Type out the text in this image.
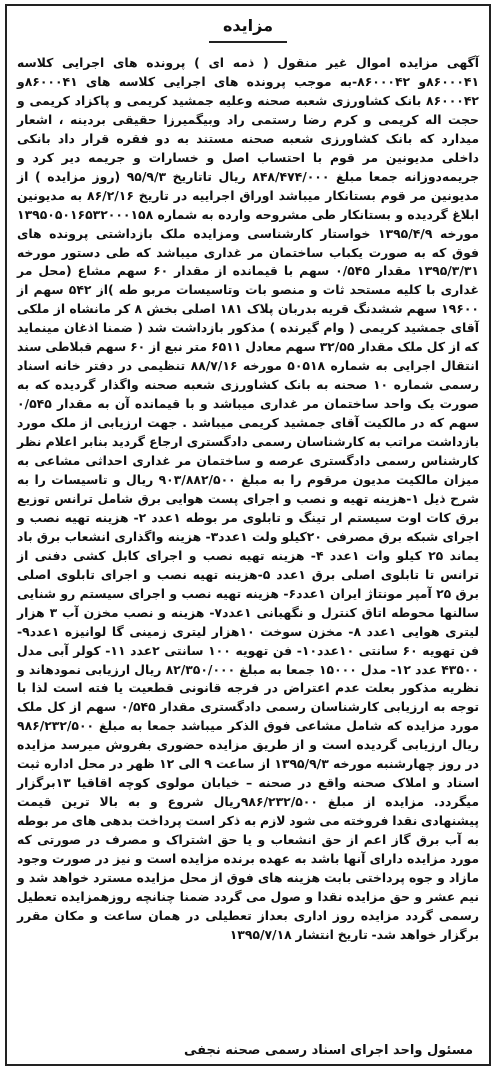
مزایده
آگهی مزایده اموال غیر منقول ( ذمه ای ) پرونده های اجرایی کلاسه ۸۶۰۰۰۴۱و ۸۶۰۰۰۴۲-به موجب پرونده های اجرایی کلاسه های ۸۶۰۰۰۴۱و ۸۶۰۰۰۴۲ بانک کشاورزی شعبه صحنه وعلیه جمشید کریمی و پاکزاد کریمی و حجت اله کریمی و کرم رضا رستمی راد وبیگمیرزا حقیقی بردینه ، اشعار میدارد که بانک کشاورزی شعبه صحنه مستند به دو فقره قرار داد بانکی داخلی مدیونین مر قوم با احتساب اصل و خسارات و جریمه دیر کرد و جریمه‌دوزانه جمعا مبلغ ۸۴۸/۴۷۴/۰۰۰ ریال تاتاریخ ۹۵/۹/۳ (روز مزایده ) از مدیونین مر قوم بستانکار میباشد اوراق اجراییه در تاریخ ۸۶/۲/۱۶ به مدیونین ابلاغ گردیده و بستانکار طی مشروحه وارده به شماره ۱۳۹۵۰۵۰۱۶۵۳۲۰۰۰۱۵۸ مورخه ۱۳۹۵/۴/۹ خواستار کارشناسی ومزایده ملک بازداشتی پرونده های فوق که به صورت یکباب ساختمان مر غداری میباشد که طی دستور مورخه ۱۳۹۵/۳/۳۱ مقدار ۰/۵۴۵ سهم با قیمانده از مقدار ۶۰ سهم مشاع (محل مر غداری با کلیه مستحد ثات و منصو بات وتاسیسات مربو طه )از ۵۴۲ سهم از ۱۹۶۰۰ سهم ششدنگ قریه بدربان پلاک ۱۸۱ اصلی بخش ۸ کر مانشاه از ملکی آقای جمشید کریمی ( وام گیرنده ) مذکور بازداشت شد ( ضمنا اذغان مینماید که از کل ملک مقدار ۳۲/۵۵ سهم معادل ۶۵۱۱ متر نبع از ۶۰ سهم قبلاطی سند انتقال اجرایی به شماره ۵۰۵۱۸ مورخه ۸۸/۷/۱۶ تنظیمی در دفتر خانه اسناد رسمی شماره ۱۰ صحنه به بانک کشاورزی شعبه صحنه واگذار گردیده که به صورت یک واحد ساختمان مر غداری میباشد و با قیمانده آن به مقدار ۰/۵۴۵ سهم که در مالکیت آقای جمشید کریمی میباشد . جهت ارزیابی از ملک مورد بازداشت مراتب به کارشناسان رسمی دادگستری ارجاع گردید بنابر اعلام نظر کارشناس رسمی دادگستری عرصه و ساختمان مر غداری احداثی مشاعی به میزان مالکیت مدیون مرقوم را به مبلغ ۹۰۳/۸۸۲/۵۰۰ ریال و تاسیسات را به شرح ذیل ۱-هزینه تهیه و نصب و اجرای پست هوایی برق شامل ترانس توزیع برق کات اوت سیستم ار تینگ و تابلوی مر بوطه ۱عدد ۲- هزینه تهیه نصب و اجرای شبکه برق مصرفی ۲۰کیلو ولت ۱عدد۳- هزینه واگذاری انشعاب برق باد یماند ۲۵ کیلو وات ۱عدد ۴- هزینه تهیه نصب و اجرای کابل کشی دفنی از ترانس تا تابلوی اصلی برق ۱عدد ۵-هزینه تهیه نصب و اجرای تابلوی اصلی برق ۲۵ آمپر مونتاژ ایران ۱عدد۶- هزینه تهیه نصب و اجرای سیستم رو شنایی سالنها محوطه اتاق کنترل و نگهبانی ۱عدد۷- هزینه و نصب مخزن آب ۳ هزار لیتری هوایی ۱عدد ۸- مخزن سوخت ۱۰هزار لیتری زمینی گا لوانیزه ۱عدد۹- فن تهویه ۶۰ سانتی ۱۰عدد۱۰- فن تهویه ۱۰۰ سانتی ۲عدد ۱۱- کولر آبی مدل ۴۳۵۰۰ عدد ۱۲- مدل ۱۵۰۰۰ جمعا به مبلغ ۸۲/۳۵۰/۰۰۰ ریال ارزیابی نمودهاند و نظریه مذکور بعلت عدم اعتراض در فرجه قانونی قطعیت یا فته است لذا با توجه به ارزیابی کارشناسان رسمی دادگستری مقدار ۰/۵۴۵ سهم از کل ملک مورد مزایده که شامل مشاعی فوق الذکر میباشد جمعا به مبلغ ۹۸۶/۲۳۲/۵۰۰ ریال ارزیابی گردیده است و از طریق مزایده حضوری بفروش میرسد مزایده در روز چهارشنبه مورخه ۱۳۹۵/۹/۳ از ساعت ۹ الی ۱۲ ظهر در محل اداره ثبت اسناد و املاک صحنه واقع در صحنه – خیابان مولوی کوچه اقاقیا ۱۳برگزار میگردد. مزایده از مبلغ ۹۸۶/۲۳۲/۵۰۰ریال شروع و به بالا ترین قیمت پیشنهادی نقدا فروخته می شود لازم به ذکر است پرداخت بدهی های مر بوطه به آب برق گاز اعم از حق انشعاب و یا حق اشتراک و مصرف در صورتی که مورد مزایده دارای آنها باشد به عهده برنده مزایده است و نیز در صورت وجود مازاد و جوه پرداختی بابت هزینه های فوق از محل مزایده مسترد خواهد شد و نیم عشر و حق مزایده نقدا و صول می گردد ضمنا چنانچه روزهمزایده تعطیل رسمی گردد مزایده روز اداری بعداز تعطیلی در همان ساعت و مکان مقرر برگزار خواهد شد- تاریخ انتشار ۱۳۹۵/۷/۱۸
مسئول واحد اجرای اسناد رسمی صحنه نجفی
